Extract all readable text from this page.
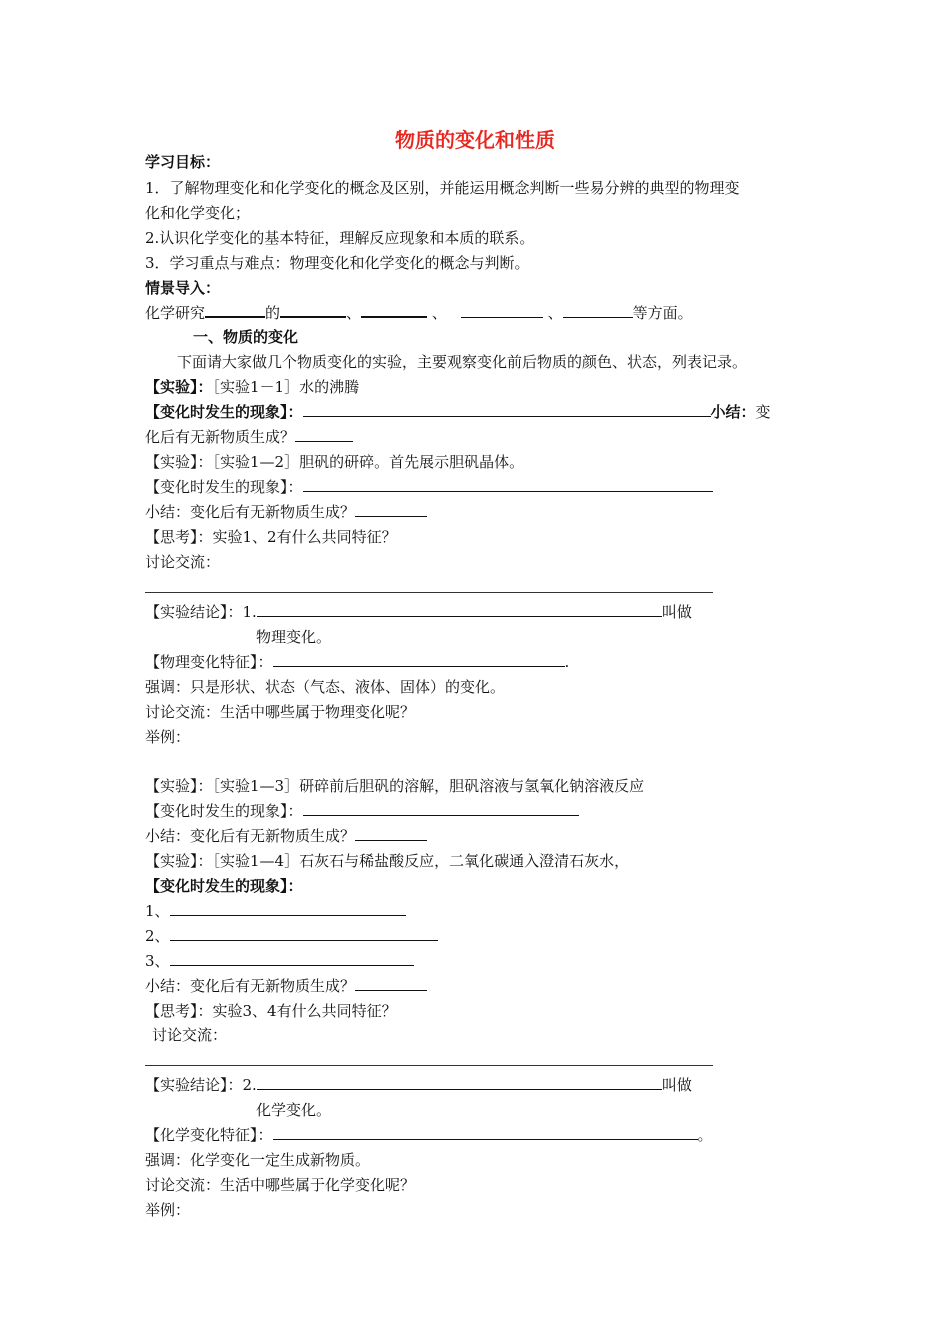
物质的变化和性质
学习目标：
1．了解物理变化和化学变化的概念及区别，并能运用概念判断一些易分辨的典型的物理变
化和化学变化；
2.认识化学变化的基本特征，理解反应现象和本质的联系。
3．学习重点与难点：物理变化和化学变化的概念与判断。
情景导入：
化学研究	的	、	、	、	等方面。
一、物质的变化
下面请大家做几个物质变化的实验，主要观察变化前后物质的颜色、状态，列表记录。
【实验】：［实验1－1］水的沸腾
【变化时发生的现象】：	小结：变
化后有无新物质生成？
【实验】：［实验1—2］胆矾的研碎。首先展示胆矾晶体。
【变化时发生的现象】：
小结：变化后有无新物质生成？
【思考】：实验1、2有什么共同特征？
讨论交流：
【实验结论】：1.	叫做
物理变化。
【物理变化特征】：	.
强调：只是形状、状态（气态、液体、固体）的变化。
讨论交流：生活中哪些属于物理变化呢？
举例：
【实验】：［实验1—3］研碎前后胆矾的溶解，胆矾溶液与氢氧化钠溶液反应
【变化时发生的现象】：
小结：变化后有无新物质生成？
【实验】：［实验1—4］石灰石与稀盐酸反应，二氧化碳通入澄清石灰水，
【变化时发生的现象】：
1、
2、
3、
小结：变化后有无新物质生成？
【思考】：实验3、4有什么共同特征？
讨论交流：
【实验结论】：2.	叫做
化学变化。
【化学变化特征】：	。
强调：化学变化一定生成新物质。
讨论交流：生活中哪些属于化学变化呢？
举例：
